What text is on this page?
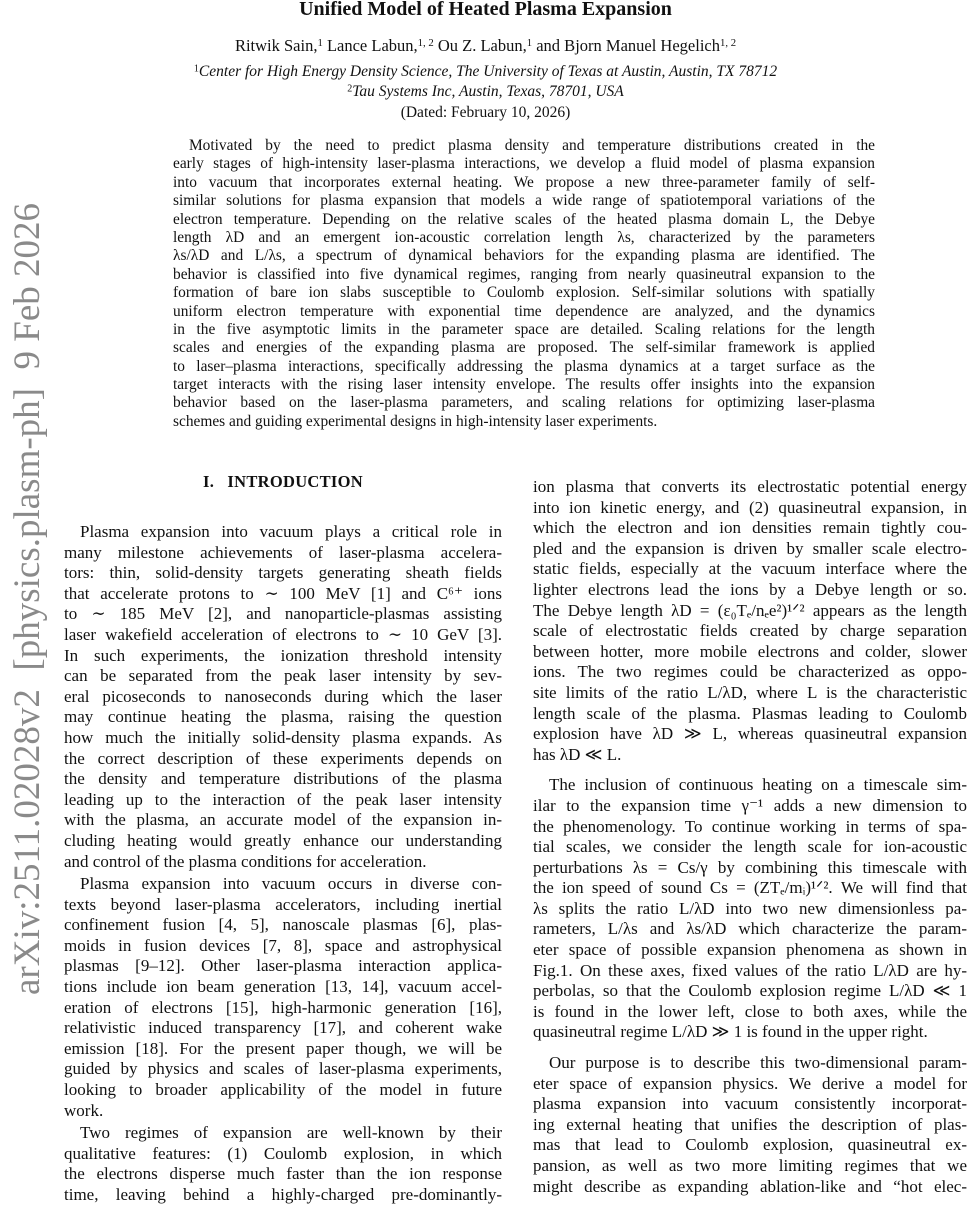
arXiv:2511.02028v2  [physics.plasm-ph]  9 Feb 2026
Unified Model of Heated Plasma Expansion
Ritwik Sain,$^1$ Lance Labun,$^{1, 2}$ Ou Z. Labun,$^1$ and Bjorn Manuel Hegelich$^{1, 2}$
$^1$Center for High Energy Density Science, The University of Texas at Austin, Austin, TX 78712
$^2$Tau Systems Inc, Austin, Texas, 78701, USA
(Dated: February 10, 2026)
Motivated by the need to predict plasma density and temperature distributions created in the
early stages of high-intensity laser-plasma interactions, we develop a fluid model of plasma expansion
into vacuum that incorporates external heating. We propose a new three-parameter family of self-
similar solutions for plasma expansion that models a wide range of spatiotemporal variations of the
electron temperature. Depending on the relative scales of the heated plasma domain L, the Debye
length λD and an emergent ion-acoustic correlation length λs, characterized by the parameters
λs/λD and L/λs, a spectrum of dynamical behaviors for the expanding plasma are identified. The
behavior is classified into five dynamical regimes, ranging from nearly quasineutral expansion to the
formation of bare ion slabs susceptible to Coulomb explosion. Self-similar solutions with spatially
uniform electron temperature with exponential time dependence are analyzed, and the dynamics
in the five asymptotic limits in the parameter space are detailed. Scaling relations for the length
scales and energies of the expanding plasma are proposed. The self-similar framework is applied
to laser–plasma interactions, specifically addressing the plasma dynamics at a target surface as the
target interacts with the rising laser intensity envelope. The results offer insights into the expansion
behavior based on the laser-plasma parameters, and scaling relations for optimizing laser-plasma
schemes and guiding experimental designs in high-intensity laser experiments.
I.   INTRODUCTION
Plasma expansion into vacuum plays a critical role in
many milestone achievements of laser-plasma accelera-
tors: thin, solid-density targets generating sheath fields
that accelerate protons to ∼ 100 MeV [1] and C⁶⁺ ions
to ∼ 185 MeV [2], and nanoparticle-plasmas assisting
laser wakefield acceleration of electrons to ∼ 10 GeV [3].
In such experiments, the ionization threshold intensity
can be separated from the peak laser intensity by sev-
eral picoseconds to nanoseconds during which the laser
may continue heating the plasma, raising the question
how much the initially solid-density plasma expands. As
the correct description of these experiments depends on
the density and temperature distributions of the plasma
leading up to the interaction of the peak laser intensity
with the plasma, an accurate model of the expansion in-
cluding heating would greatly enhance our understanding
and control of the plasma conditions for acceleration.
Plasma expansion into vacuum occurs in diverse con-
texts beyond laser-plasma accelerators, including inertial
confinement fusion [4, 5], nanoscale plasmas [6], plas-
moids in fusion devices [7, 8], space and astrophysical
plasmas [9–12]. Other laser-plasma interaction applica-
tions include ion beam generation [13, 14], vacuum accel-
eration of electrons [15], high-harmonic generation [16],
relativistic induced transparency [17], and coherent wake
emission [18]. For the present paper though, we will be
guided by physics and scales of laser-plasma experiments,
looking to broader applicability of the model in future
work.
Two regimes of expansion are well-known by their
qualitative features: (1) Coulomb explosion, in which
the electrons disperse much faster than the ion response
time, leaving behind a highly-charged pre-dominantly-
ion plasma that converts its electrostatic potential energy
into ion kinetic energy, and (2) quasineutral expansion, in
which the electron and ion densities remain tightly cou-
pled and the expansion is driven by smaller scale electro-
static fields, especially at the vacuum interface where the
lighter electrons lead the ions by a Debye length or so.
The Debye length λD = (ε₀Tₑ/nₑe²)¹ᐟ² appears as the length
scale of electrostatic fields created by charge separation
between hotter, more mobile electrons and colder, slower
ions. The two regimes could be characterized as oppo-
site limits of the ratio L/λD, where L is the characteristic
length scale of the plasma. Plasmas leading to Coulomb
explosion have λD ≫ L, whereas quasineutral expansion
has λD ≪ L.
The inclusion of continuous heating on a timescale sim-
ilar to the expansion time γ⁻¹ adds a new dimension to
the phenomenology. To continue working in terms of spa-
tial scales, we consider the length scale for ion-acoustic
perturbations λs = Cs/γ by combining this timescale with
the ion speed of sound Cs = (ZTₑ/mᵢ)¹ᐟ². We will find that
λs splits the ratio L/λD into two new dimensionless pa-
rameters, L/λs and λs/λD which characterize the param-
eter space of possible expansion phenomena as shown in
Fig.1. On these axes, fixed values of the ratio L/λD are hy-
perbolas, so that the Coulomb explosion regime L/λD ≪ 1
is found in the lower left, close to both axes, while the
quasineutral regime L/λD ≫ 1 is found in the upper right.
Our purpose is to describe this two-dimensional param-
eter space of expansion physics. We derive a model for
plasma expansion into vacuum consistently incorporat-
ing external heating that unifies the description of plas-
mas that lead to Coulomb explosion, quasineutral ex-
pansion, as well as two more limiting regimes that we
might describe as expanding ablation-like and “hot elec-
